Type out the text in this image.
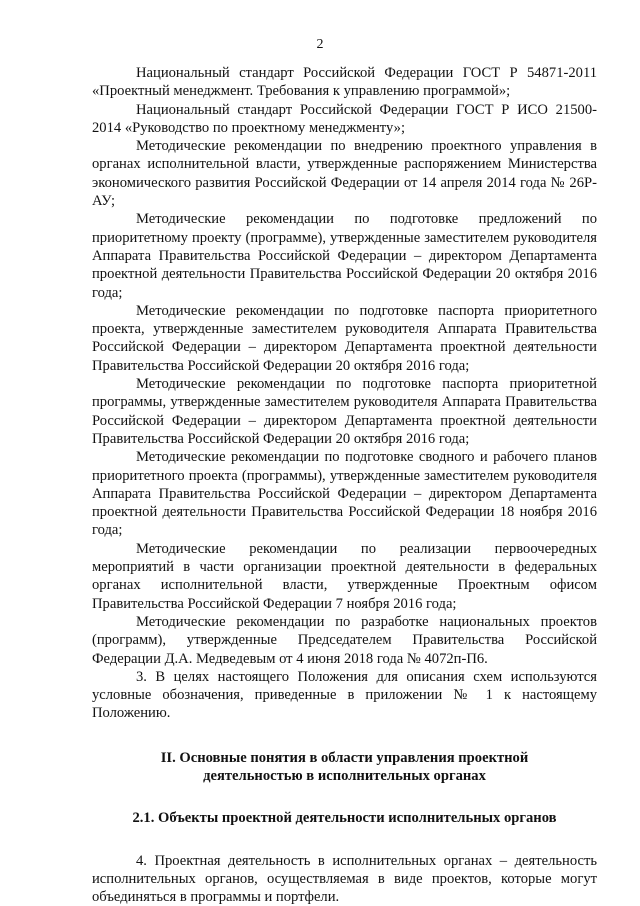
2

Национальный стандарт Российской Федерации ГОСТ Р 54871-2011 «Проектный менеджмент. Требования к управлению программой»;

Национальный стандарт Российской Федерации ГОСТ Р ИСО 21500-2014 «Руководство по проектному менеджменту»;

Методические рекомендации по внедрению проектного управления в органах исполнительной власти, утвержденные распоряжением Министерства экономического развития Российской Федерации от 14 апреля 2014 года № 26Р-АУ;

Методические рекомендации по подготовке предложений по приоритетному проекту (программе), утвержденные заместителем руководителя Аппарата Правительства Российской Федерации – директором Департамента проектной деятельности Правительства Российской Федерации 20 октября 2016 года;

Методические рекомендации по подготовке паспорта приоритетного проекта, утвержденные заместителем руководителя Аппарата Правительства Российской Федерации – директором Департамента проектной деятельности Правительства Российской Федерации 20 октября 2016 года;

Методические рекомендации по подготовке паспорта приоритетной программы, утвержденные заместителем руководителя Аппарата Правительства Российской Федерации – директором Департамента проектной деятельности Правительства Российской Федерации 20 октября 2016 года;

Методические рекомендации по подготовке сводного и рабочего планов приоритетного проекта (программы), утвержденные заместителем руководителя Аппарата Правительства Российской Федерации – директором Департамента проектной деятельности Правительства Российской Федерации 18 ноября 2016 года;

Методические рекомендации по реализации первоочередных мероприятий в части организации проектной деятельности в федеральных органах исполнительной власти, утвержденные Проектным офисом Правительства Российской Федерации 7 ноября 2016 года;

Методические рекомендации по разработке национальных проектов (программ), утвержденные Председателем Правительства Российской Федерации Д.А. Медведевым от 4 июня 2018 года № 4072п-П6.

3. В целях настоящего Положения для описания схем используются условные обозначения, приведенные в приложении № 1 к настоящему Положению.

II. Основные понятия в области управления проектной
деятельностью в исполнительных органах
2.1. Объекты проектной деятельности исполнительных органов

4. Проектная деятельность в исполнительных органах – деятельность исполнительных органов, осуществляемая в виде проектов, которые могут объединяться в программы и портфели.
